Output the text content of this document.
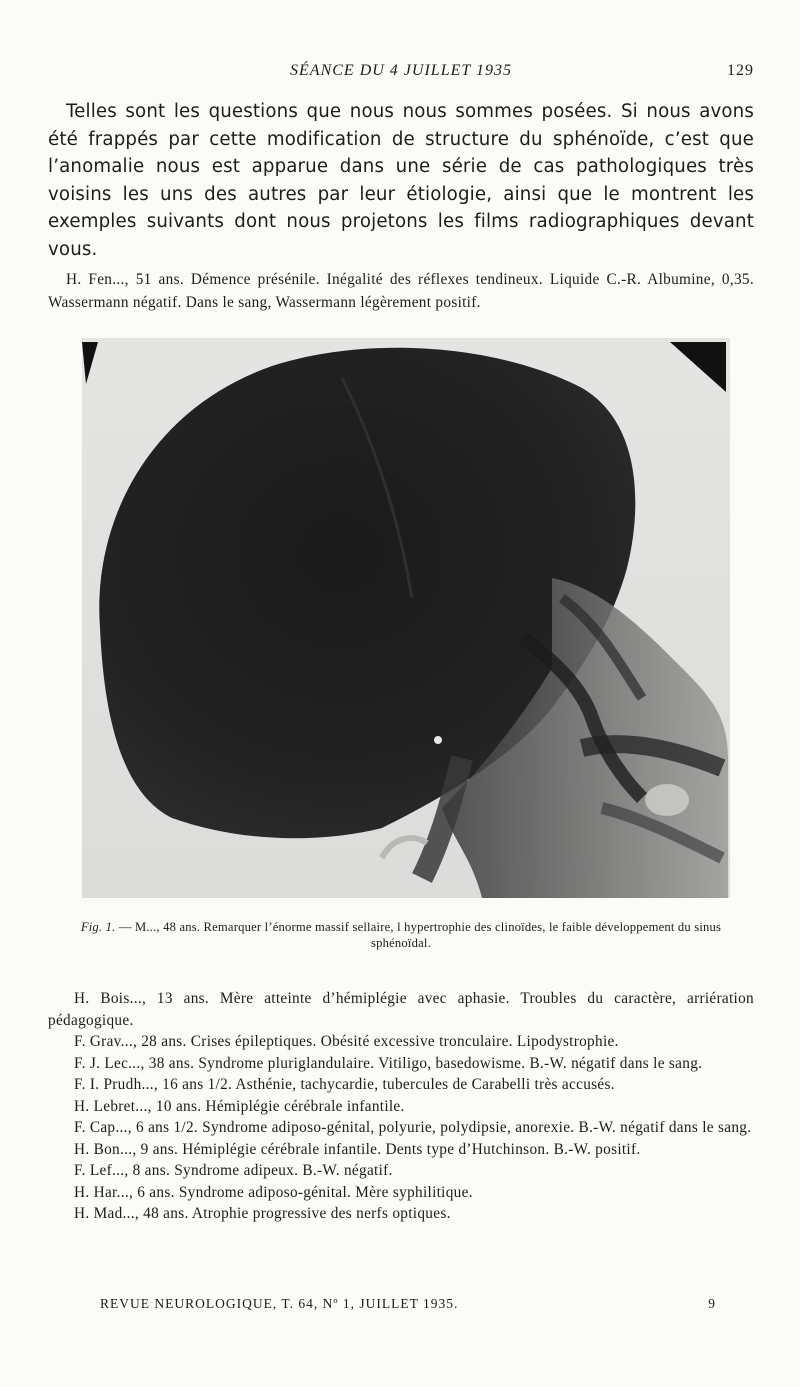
SÉANCE DU 4 JUILLET 1935	129

Telles sont les questions que nous nous sommes posées. Si nous avons été frappés par cette modification de structure du sphénoïde, c’est que l’anomalie nous est apparue dans une série de cas pathologiques très voisins les uns des autres par leur étiologie, ainsi que le montrent les exemples suivants dont nous projetons les films radiographiques devant vous.

H. Fen..., 51 ans. Démence présénile. Inégalité des réflexes tendineux. Liquide C.-R. Albumine, 0,35. Wassermann négatif. Dans le sang, Wassermann légèrement positif.

Fig. 1. — M..., 48 ans. Remarquer l’énorme massif sellaire, l hypertrophie des clinoïdes, le faible développement du sinus sphénoïdal.

H. Bois..., 13 ans. Mère atteinte d’hémiplégie avec aphasie. Troubles du caractère, arriération pédagogique.

F. Grav..., 28 ans. Crises épileptiques. Obésité excessive tronculaire. Lipodystrophie.

F. J. Lec..., 38 ans. Syndrome pluriglandulaire. Vitiligo, basedowisme. B.-W. négatif dans le sang.

F. I. Prudh..., 16 ans 1/2. Asthénie, tachycardie, tubercules de Carabelli très accusés.

H. Lebret..., 10 ans. Hémiplégie cérébrale infantile.

F. Cap..., 6 ans 1/2. Syndrome adiposo-génital, polyurie, polydipsie, anorexie. B.-W. négatif dans le sang.

H. Bon..., 9 ans. Hémiplégie cérébrale infantile. Dents type d’Hutchinson. B.-W. positif.

F. Lef..., 8 ans. Syndrome adipeux. B.-W. négatif.

H. Har..., 6 ans. Syndrome adiposo-génital. Mère syphilitique.

H. Mad..., 48 ans. Atrophie progressive des nerfs optiques.

REVUE NEUROLOGIQUE, T. 64, Nº 1, JUILLET 1935.	9
